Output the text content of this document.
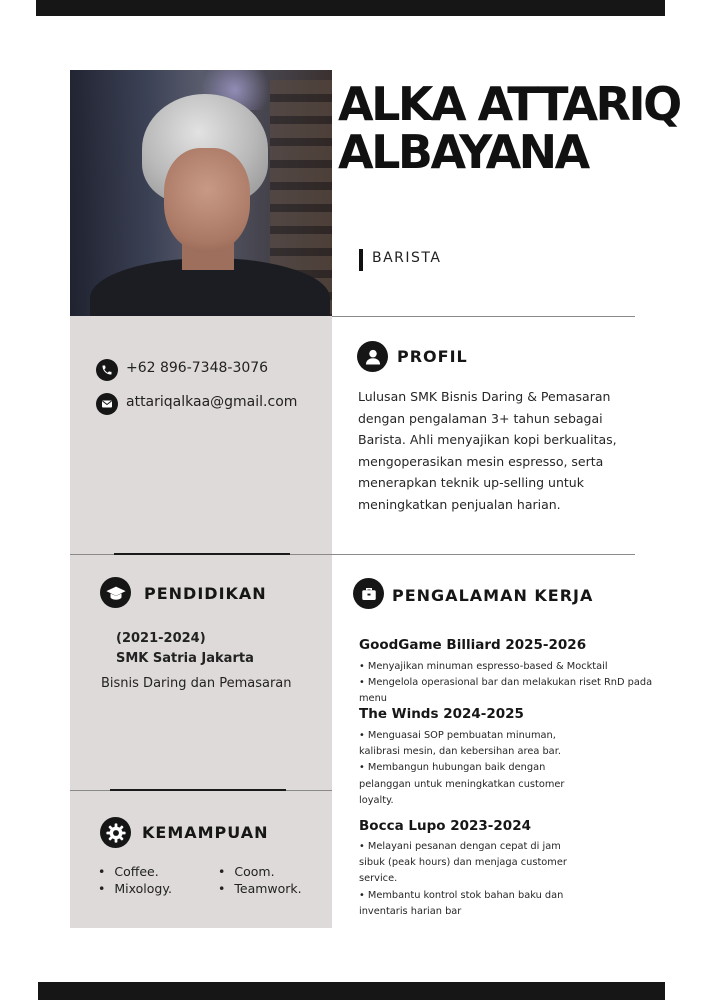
ALKA ATTARIQ
ALBAYANA
BARISTA
+62 896-7348-3076
attariqalkaa@gmail.com
PROFIL
Lulusan SMK Bisnis Daring & Pemasaran
dengan pengalaman 3+ tahun sebagai
Barista. Ahli menyajikan kopi berkualitas,
mengoperasikan mesin espresso, serta
menerapkan teknik up-selling untuk
meningkatkan penjualan harian.
PENDIDIKAN
(2021-2024)
SMK Satria Jakarta
Bisnis Daring dan Pemasaran
KEMAMPUAN
• Coffee.
• Mixology.
• Coom.
• Teamwork.
PENGALAMAN KERJA
GoodGame Billiard 2025-2026
• Menyajikan minuman espresso-based & Mocktail
• Mengelola operasional bar dan melakukan riset RnD pada menu
The Winds 2024-2025
• Menguasai SOP pembuatan minuman,
kalibrasi mesin, dan kebersihan area bar.
• Membangun hubungan baik dengan
pelanggan untuk meningkatkan customer
loyalty.
Bocca Lupo 2023-2024
• Melayani pesanan dengan cepat di jam
sibuk (peak hours) dan menjaga customer
service.
• Membantu kontrol stok bahan baku dan
inventaris harian bar
